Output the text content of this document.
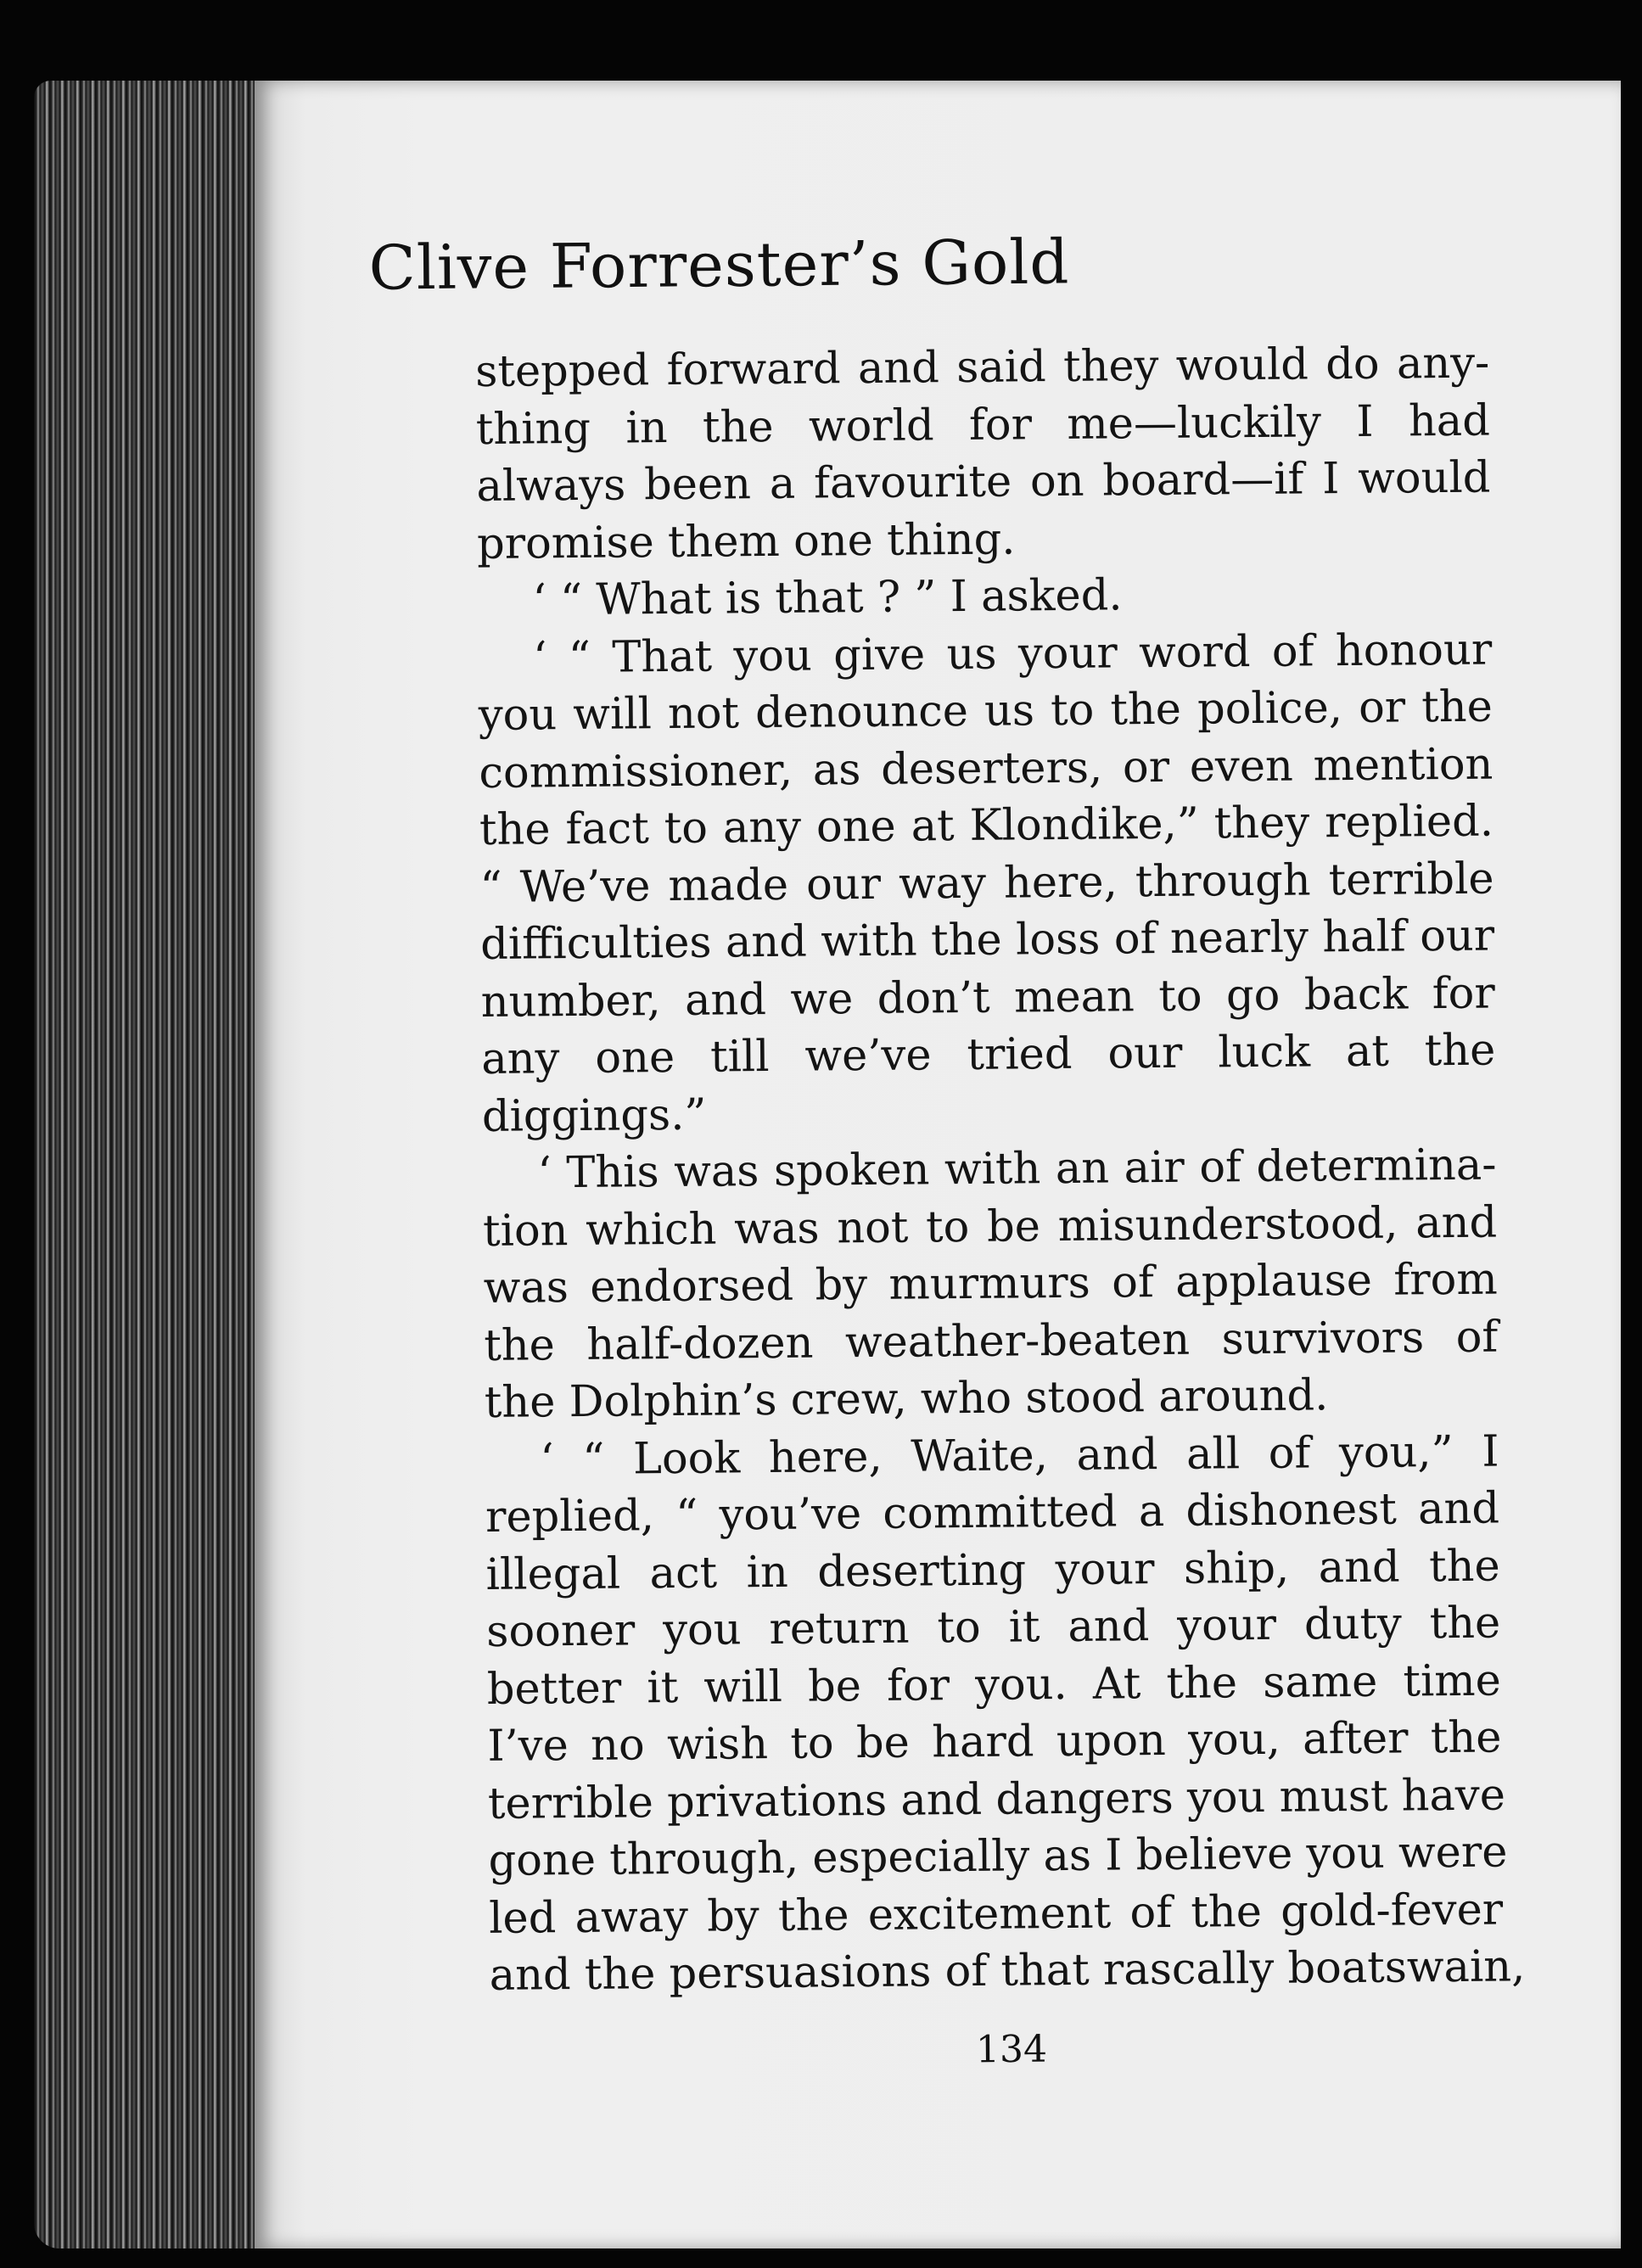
Clive Forrester’s Gold
stepped forward and said they would do any-
thing in the world for me—luckily I had
always been a favourite on board—if I would
promise them one thing.
‘ “ What is that ? ” I asked.
‘ “ That you give us your word of honour
you will not denounce us to the police, or the
commissioner, as deserters, or even mention
the fact to any one at Klondike,” they replied.
“ We’ve made our way here, through terrible
difficulties and with the loss of nearly half our
number, and we don’t mean to go back for
any one till we’ve tried our luck at the
diggings.”
‘ This was spoken with an air of determina-
tion which was not to be misunderstood, and
was endorsed by murmurs of applause from
the half-dozen weather-beaten survivors of
the Dolphin’s crew, who stood around.
‘ “ Look here, Waite, and all of you,” I
replied, “ you’ve committed a dishonest and
illegal act in deserting your ship, and the
sooner you return to it and your duty the
better it will be for you. At the same time
I’ve no wish to be hard upon you, after the
terrible privations and dangers you must have
gone through, especially as I believe you were
led away by the excitement of the gold-fever
and the persuasions of that rascally boatswain,
134
